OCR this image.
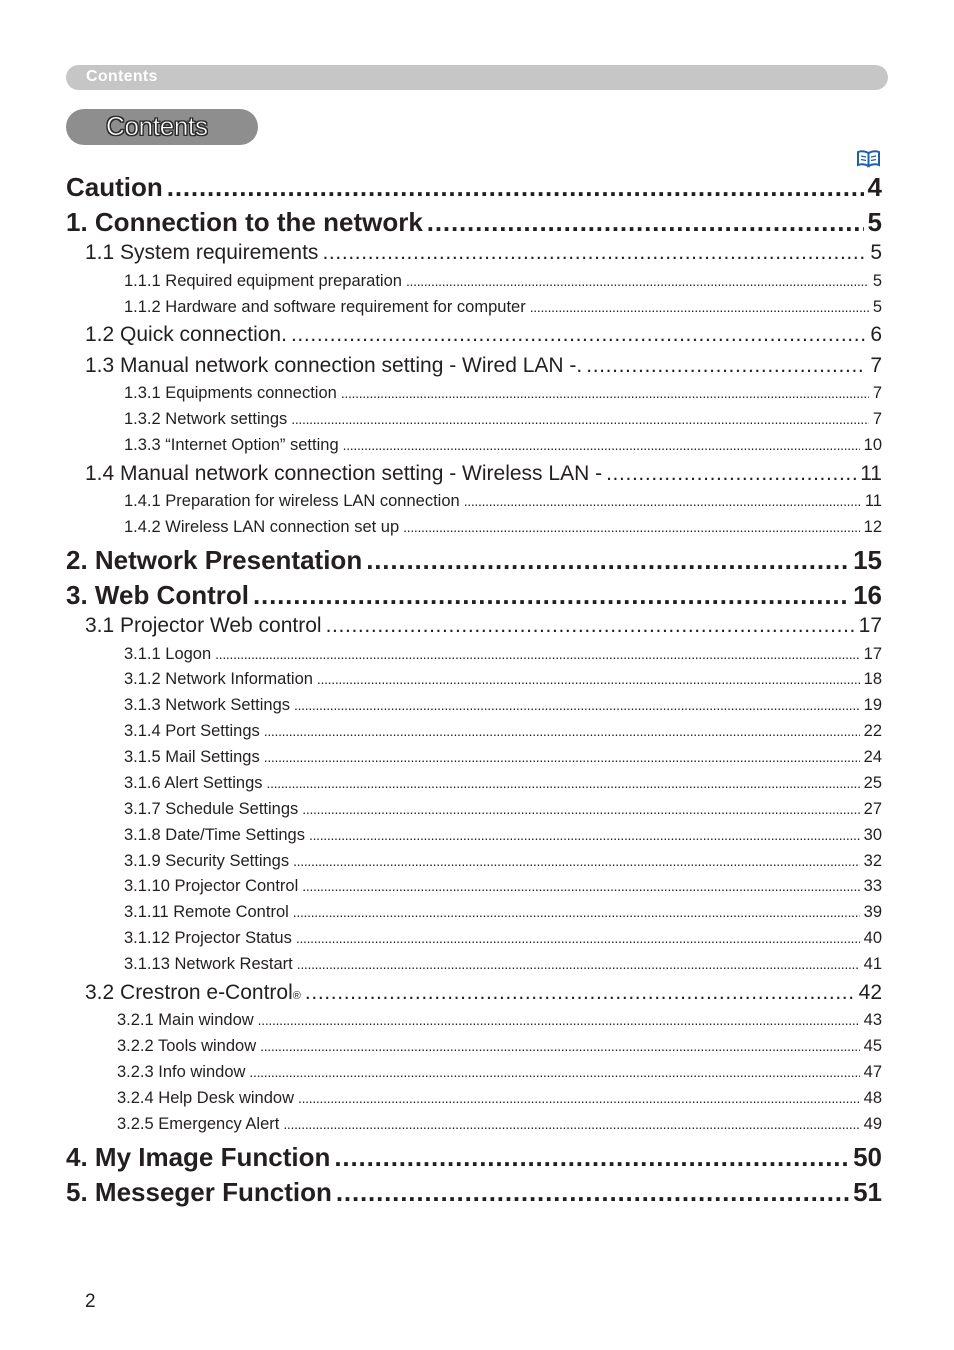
Contents
Contents
Caution . . .	4
1. Connection to the network . . .	5
1.1 System requirements . . .	5
1.1.1 Required equipment preparation . . .	5
1.1.2 Hardware and software requirement for computer . . .	5
1.2 Quick connection. . . .	6
1.3 Manual network connection setting - Wired LAN -. . . .	7
1.3.1 Equipments connection . . .	7
1.3.2 Network settings . . .	7
1.3.3 “Internet Option” setting . . .	10
1.4 Manual network connection setting - Wireless LAN - . . .	11
1.4.1 Preparation for wireless LAN connection . . .	11
1.4.2 Wireless LAN connection set up . . .	12
2. Network Presentation . . .	15
3. Web Control . . .	16
3.1 Projector Web control . . .	17
3.1.1 Logon . . .	17
3.1.2 Network Information . . .	18
3.1.3 Network Settings . . .	19
3.1.4 Port Settings . . .	22
3.1.5 Mail Settings . . .	24
3.1.6 Alert Settings . . .	25
3.1.7 Schedule Settings . . .	27
3.1.8 Date/Time Settings . . .	30
3.1.9 Security Settings . . .	32
3.1.10 Projector Control . . .	33
3.1.11 Remote Control . . .	39
3.1.12 Projector Status . . .	40
3.1.13 Network Restart . . .	41
3.2 Crestron e-Control ® . . .	42
3.2.1 Main window . . .	43
3.2.2 Tools window . . .	45
3.2.3 Info window . . .	47
3.2.4 Help Desk window . . .	48
3.2.5 Emergency Alert . . .	49
4. My Image Function . . .	50
5. Messeger Function . . .	51
2
